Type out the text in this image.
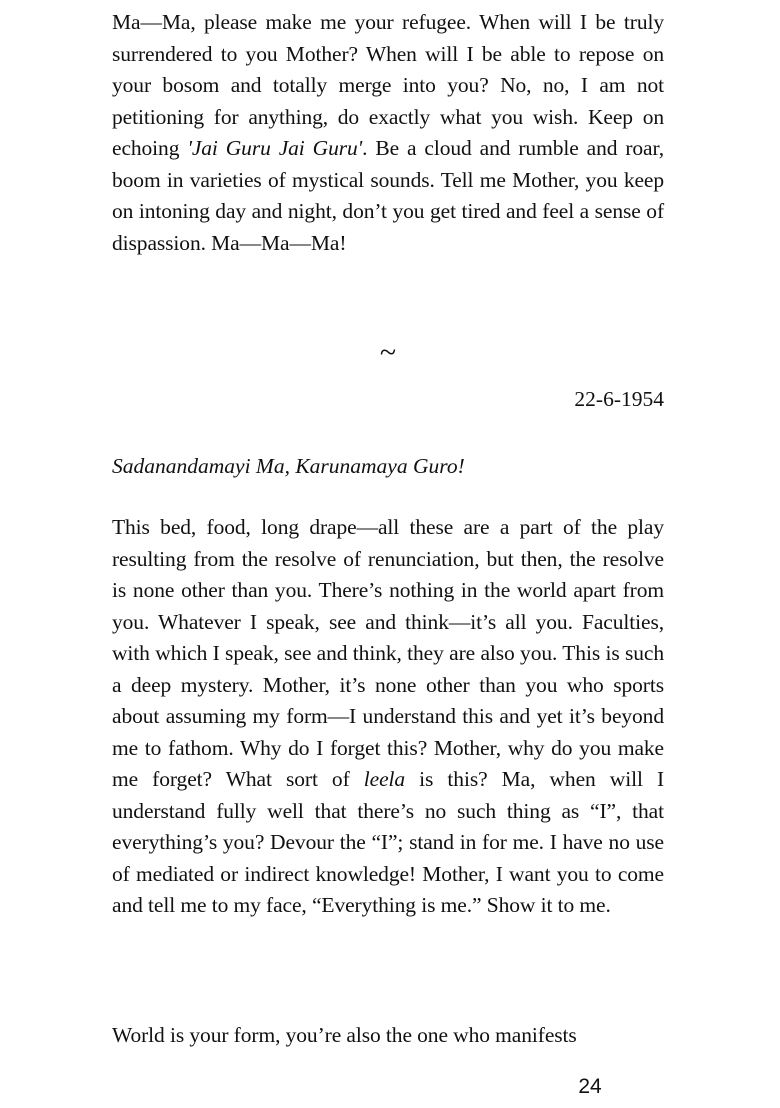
Ma—Ma, please make me your refugee. When will I be truly surrendered to you Mother? When will I be able to repose on your bosom and totally merge into you? No, no, I am not petitioning for anything, do exactly what you wish. Keep on echoing 'Jai Guru Jai Guru'. Be a cloud and rumble and roar, boom in varieties of mystical sounds. Tell me Mother, you keep on intoning day and night, don’t you get tired and feel a sense of dispassion. Ma—Ma—Ma!

~
22-6-1954
Sadanandamayi Ma, Karunamaya Guro!

This bed, food, long drape—all these are a part of the play resulting from the resolve of renunciation, but then, the resolve is none other than you. There’s nothing in the world apart from you. Whatever I speak, see and think—it’s all you. Faculties, with which I speak, see and think, they are also you. This is such a deep mystery. Mother, it’s none other than you who sports about assuming my form—I understand this and yet it’s beyond me to fathom. Why do I forget this? Mother, why do you make me forget? What sort of leela is this? Ma, when will I understand fully well that there’s no such thing as “I”, that everything’s you? Devour the “I”; stand in for me. I have no use of mediated or indirect knowledge! Mother, I want you to come and tell me to my face, “Everything is me.” Show it to me.

World is your form, you’re also the one who manifests

24
